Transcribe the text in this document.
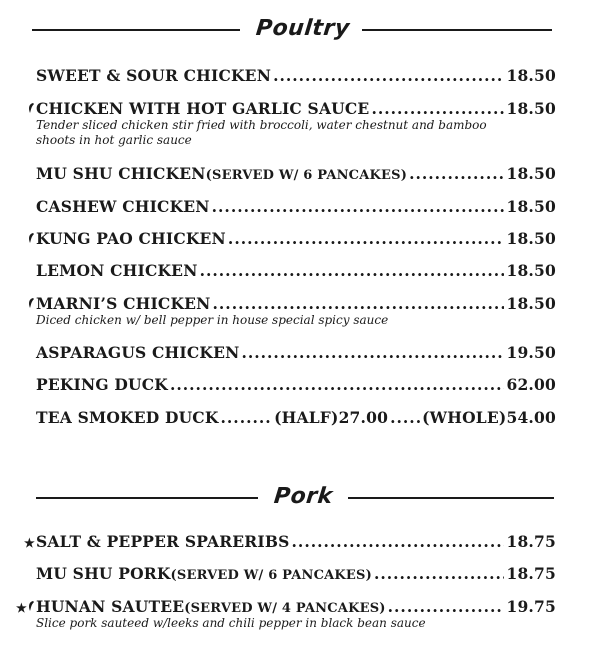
Poultry
SWEET & SOUR CHICKEN .....	18.50
CHICKEN WITH HOT GARLIC SAUCE .....	18.50
Tender sliced chicken stir fried with broccoli, water chestnut and bamboo shoots in hot garlic sauce
MU SHU CHICKEN (SERVED W/ 6 PANCAKES) .....	18.50
CASHEW CHICKEN .....	18.50
KUNG PAO CHICKEN .....	18.50
LEMON CHICKEN .....	18.50
MARNI’S CHICKEN .....	18.50
Diced chicken w/ bell pepper in house special spicy sauce
ASPARAGUS CHICKEN .....	19.50
PEKING DUCK .....	62.00
TEA SMOKED DUCK .....	(HALF) 27.00 ..... (WHOLE) 54.00
Pork
★ SALT & PEPPER SPARERIBS .....	18.75
MU SHU PORK (SERVED W/ 6 PANCAKES) .....	18.75
★ HUNAN SAUTEE (SERVED W/ 4 PANCAKES) .....	19.75
Slice pork sauteed w/leeks and chili pepper in black bean sauce
